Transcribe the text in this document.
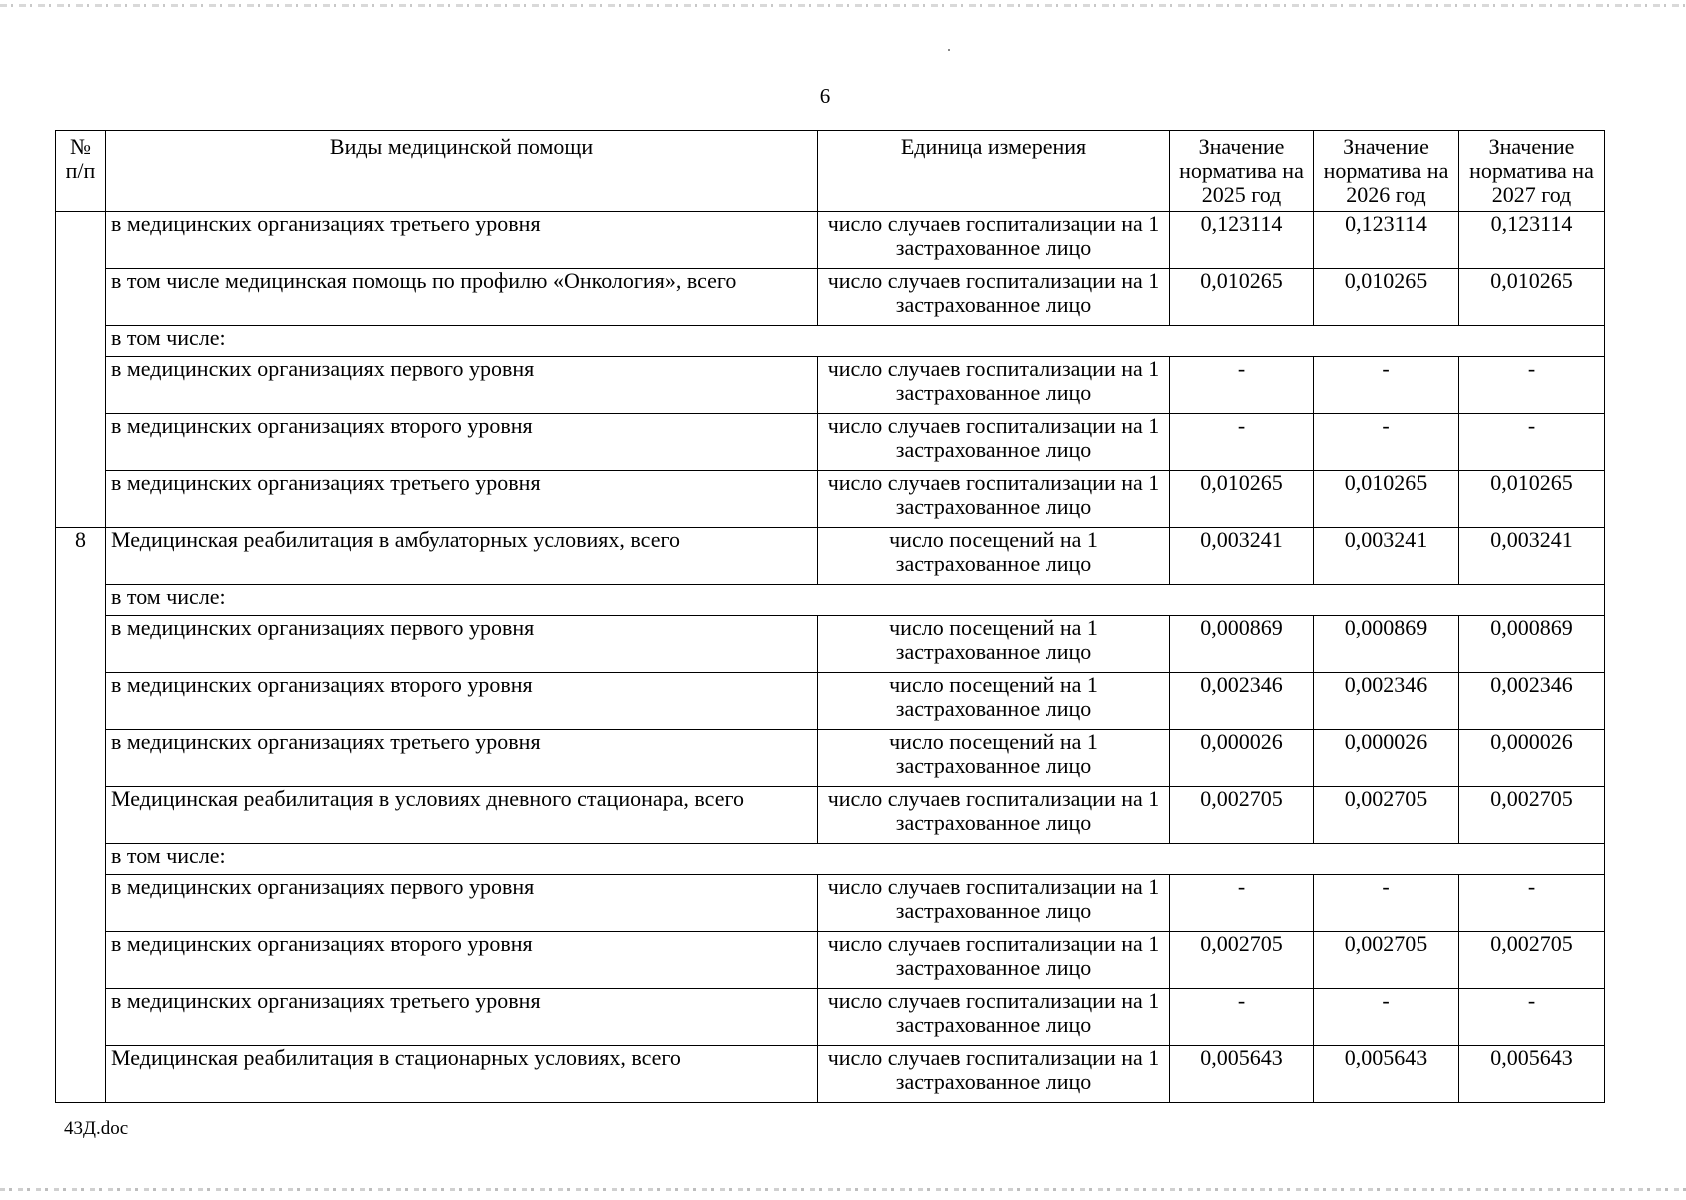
6
№ п/п	Виды медицинской помощи	Единица измерения	Значение норматива на 2025 год	Значение норматива на 2026 год	Значение норматива на 2027 год
	в медицинских организациях третьего уровня	число случаев госпитализации на 1 застрахованное лицо	0,123114	0,123114	0,123114
	в том числе медицинская помощь по профилю «Онкология», всего	число случаев госпитализации на 1 застрахованное лицо	0,010265	0,010265	0,010265
	в том числе:				
	в медицинских организациях первого уровня	число случаев госпитализации на 1 застрахованное лицо	-	-	-
	в медицинских организациях второго уровня	число случаев госпитализации на 1 застрахованное лицо	-	-	-
	в медицинских организациях третьего уровня	число случаев госпитализации на 1 застрахованное лицо	0,010265	0,010265	0,010265
8	Медицинская реабилитация в амбулаторных условиях, всего	число посещений на 1 застрахованное лицо	0,003241	0,003241	0,003241
	в том числе:				
	в медицинских организациях первого уровня	число посещений на 1 застрахованное лицо	0,000869	0,000869	0,000869
	в медицинских организациях второго уровня	число посещений на 1 застрахованное лицо	0,002346	0,002346	0,002346
	в медицинских организациях третьего уровня	число посещений на 1 застрахованное лицо	0,000026	0,000026	0,000026
	Медицинская реабилитация в условиях дневного стационара, всего	число случаев госпитализации на 1 застрахованное лицо	0,002705	0,002705	0,002705
	в том числе:				
	в медицинских организациях первого уровня	число случаев госпитализации на 1 застрахованное лицо	-	-	-
	в медицинских организациях второго уровня	число случаев госпитализации на 1 застрахованное лицо	0,002705	0,002705	0,002705
	в медицинских организациях третьего уровня	число случаев госпитализации на 1 застрахованное лицо	-	-	-
	Медицинская реабилитация в стационарных условиях, всего	число случаев госпитализации на 1 застрахованное лицо	0,005643	0,005643	0,005643
43Д.doc
